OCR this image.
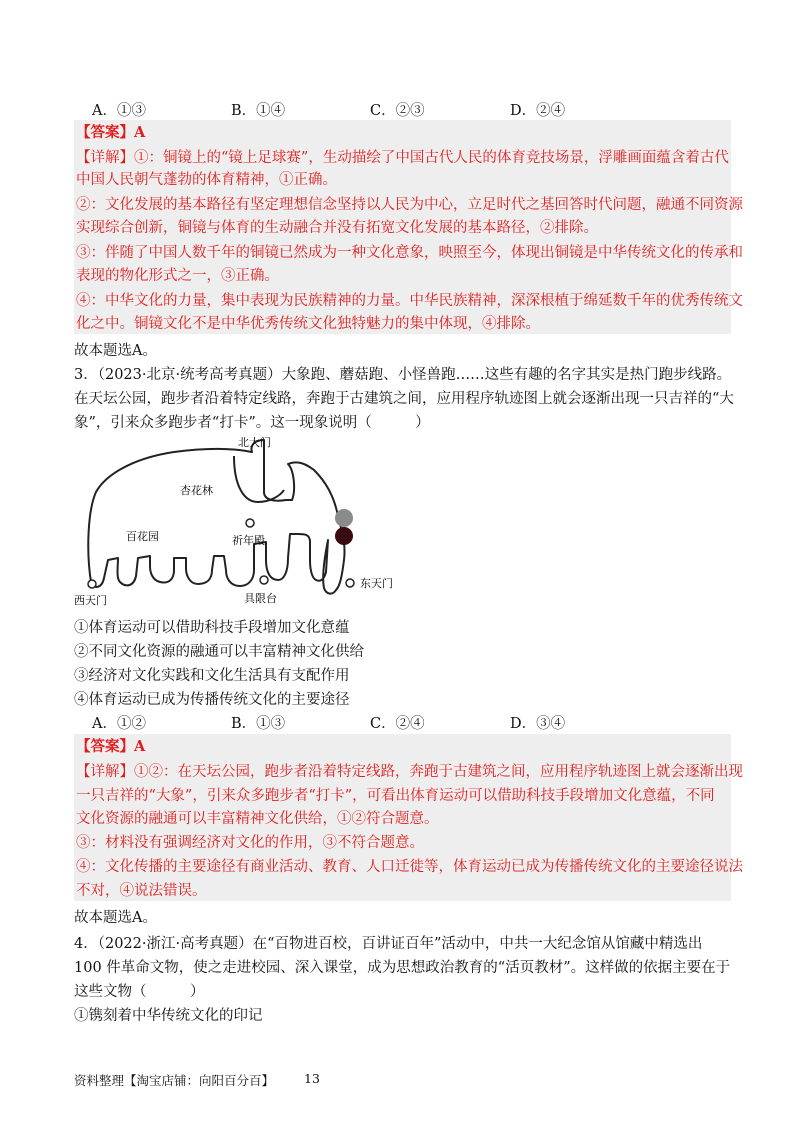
A．①③	B．①④	C．②③	D．②④
【答案】A
【详解】①：铜镜上的“镜上足球赛”，生动描绘了中国古代人民的体育竞技场景，浮雕画面蕴含着古代
中国人民朝气蓬勃的体育精神，①正确。
②：文化发展的基本路径有坚定理想信念坚持以人民为中心，立足时代之基回答时代问题，融通不同资源
实现综合创新，铜镜与体育的生动融合并没有拓宽文化发展的基本路径，②排除。
③：伴随了中国人数千年的铜镜已然成为一种文化意象，映照至今，体现出铜镜是中华传统文化的传承和
表现的物化形式之一，③正确。
④：中华文化的力量，集中表现为民族精神的力量。中华民族精神，深深根植于绵延数千年的优秀传统文
化之中。铜镜文化不是中华优秀传统文化独特魅力的集中体现，④排除。
故本题选A。
3．（2023·北京·统考高考真题）大象跑、蘑菇跑、小怪兽跑……这些有趣的名字其实是热门跑步线路。
在天坛公园，跑步者沿着特定线路，奔跑于古建筑之间，应用程序轨迹图上就会逐渐出现一只吉祥的“大
象”，引来众多跑步者“打卡”。这一现象说明（　　　）
北大门
杏花林
百花园	祈年殿
西天门	具限台
东天门
①体育运动可以借助科技手段增加文化意蕴
②不同文化资源的融通可以丰富精神文化供给
③经济对文化实践和文化生活具有支配作用
④体育运动已成为传播传统文化的主要途径
A．①②	B．①③	C．②④	D．③④
【答案】A
【详解】①②：在天坛公园，跑步者沿着特定线路，奔跑于古建筑之间，应用程序轨迹图上就会逐渐出现
一只吉祥的“大象”，引来众多跑步者“打卡”，可看出体育运动可以借助科技手段增加文化意蕴，不同
文化资源的融通可以丰富精神文化供给，①②符合题意。
③：材料没有强调经济对文化的作用，③不符合题意。
④：文化传播的主要途径有商业活动、教育、人口迁徙等，体育运动已成为传播传统文化的主要途径说法
不对，④说法错误。
故本题选A。
4．（2022·浙江·高考真题）在“百物进百校，百讲证百年”活动中，中共一大纪念馆从馆藏中精选出
100 件革命文物，使之走进校园、深入课堂，成为思想政治教育的“活页教材”。这样做的依据主要在于
这些文物（　　　）
①镌刻着中华传统文化的印记
资料整理【淘宝店铺：向阳百分百】 13
